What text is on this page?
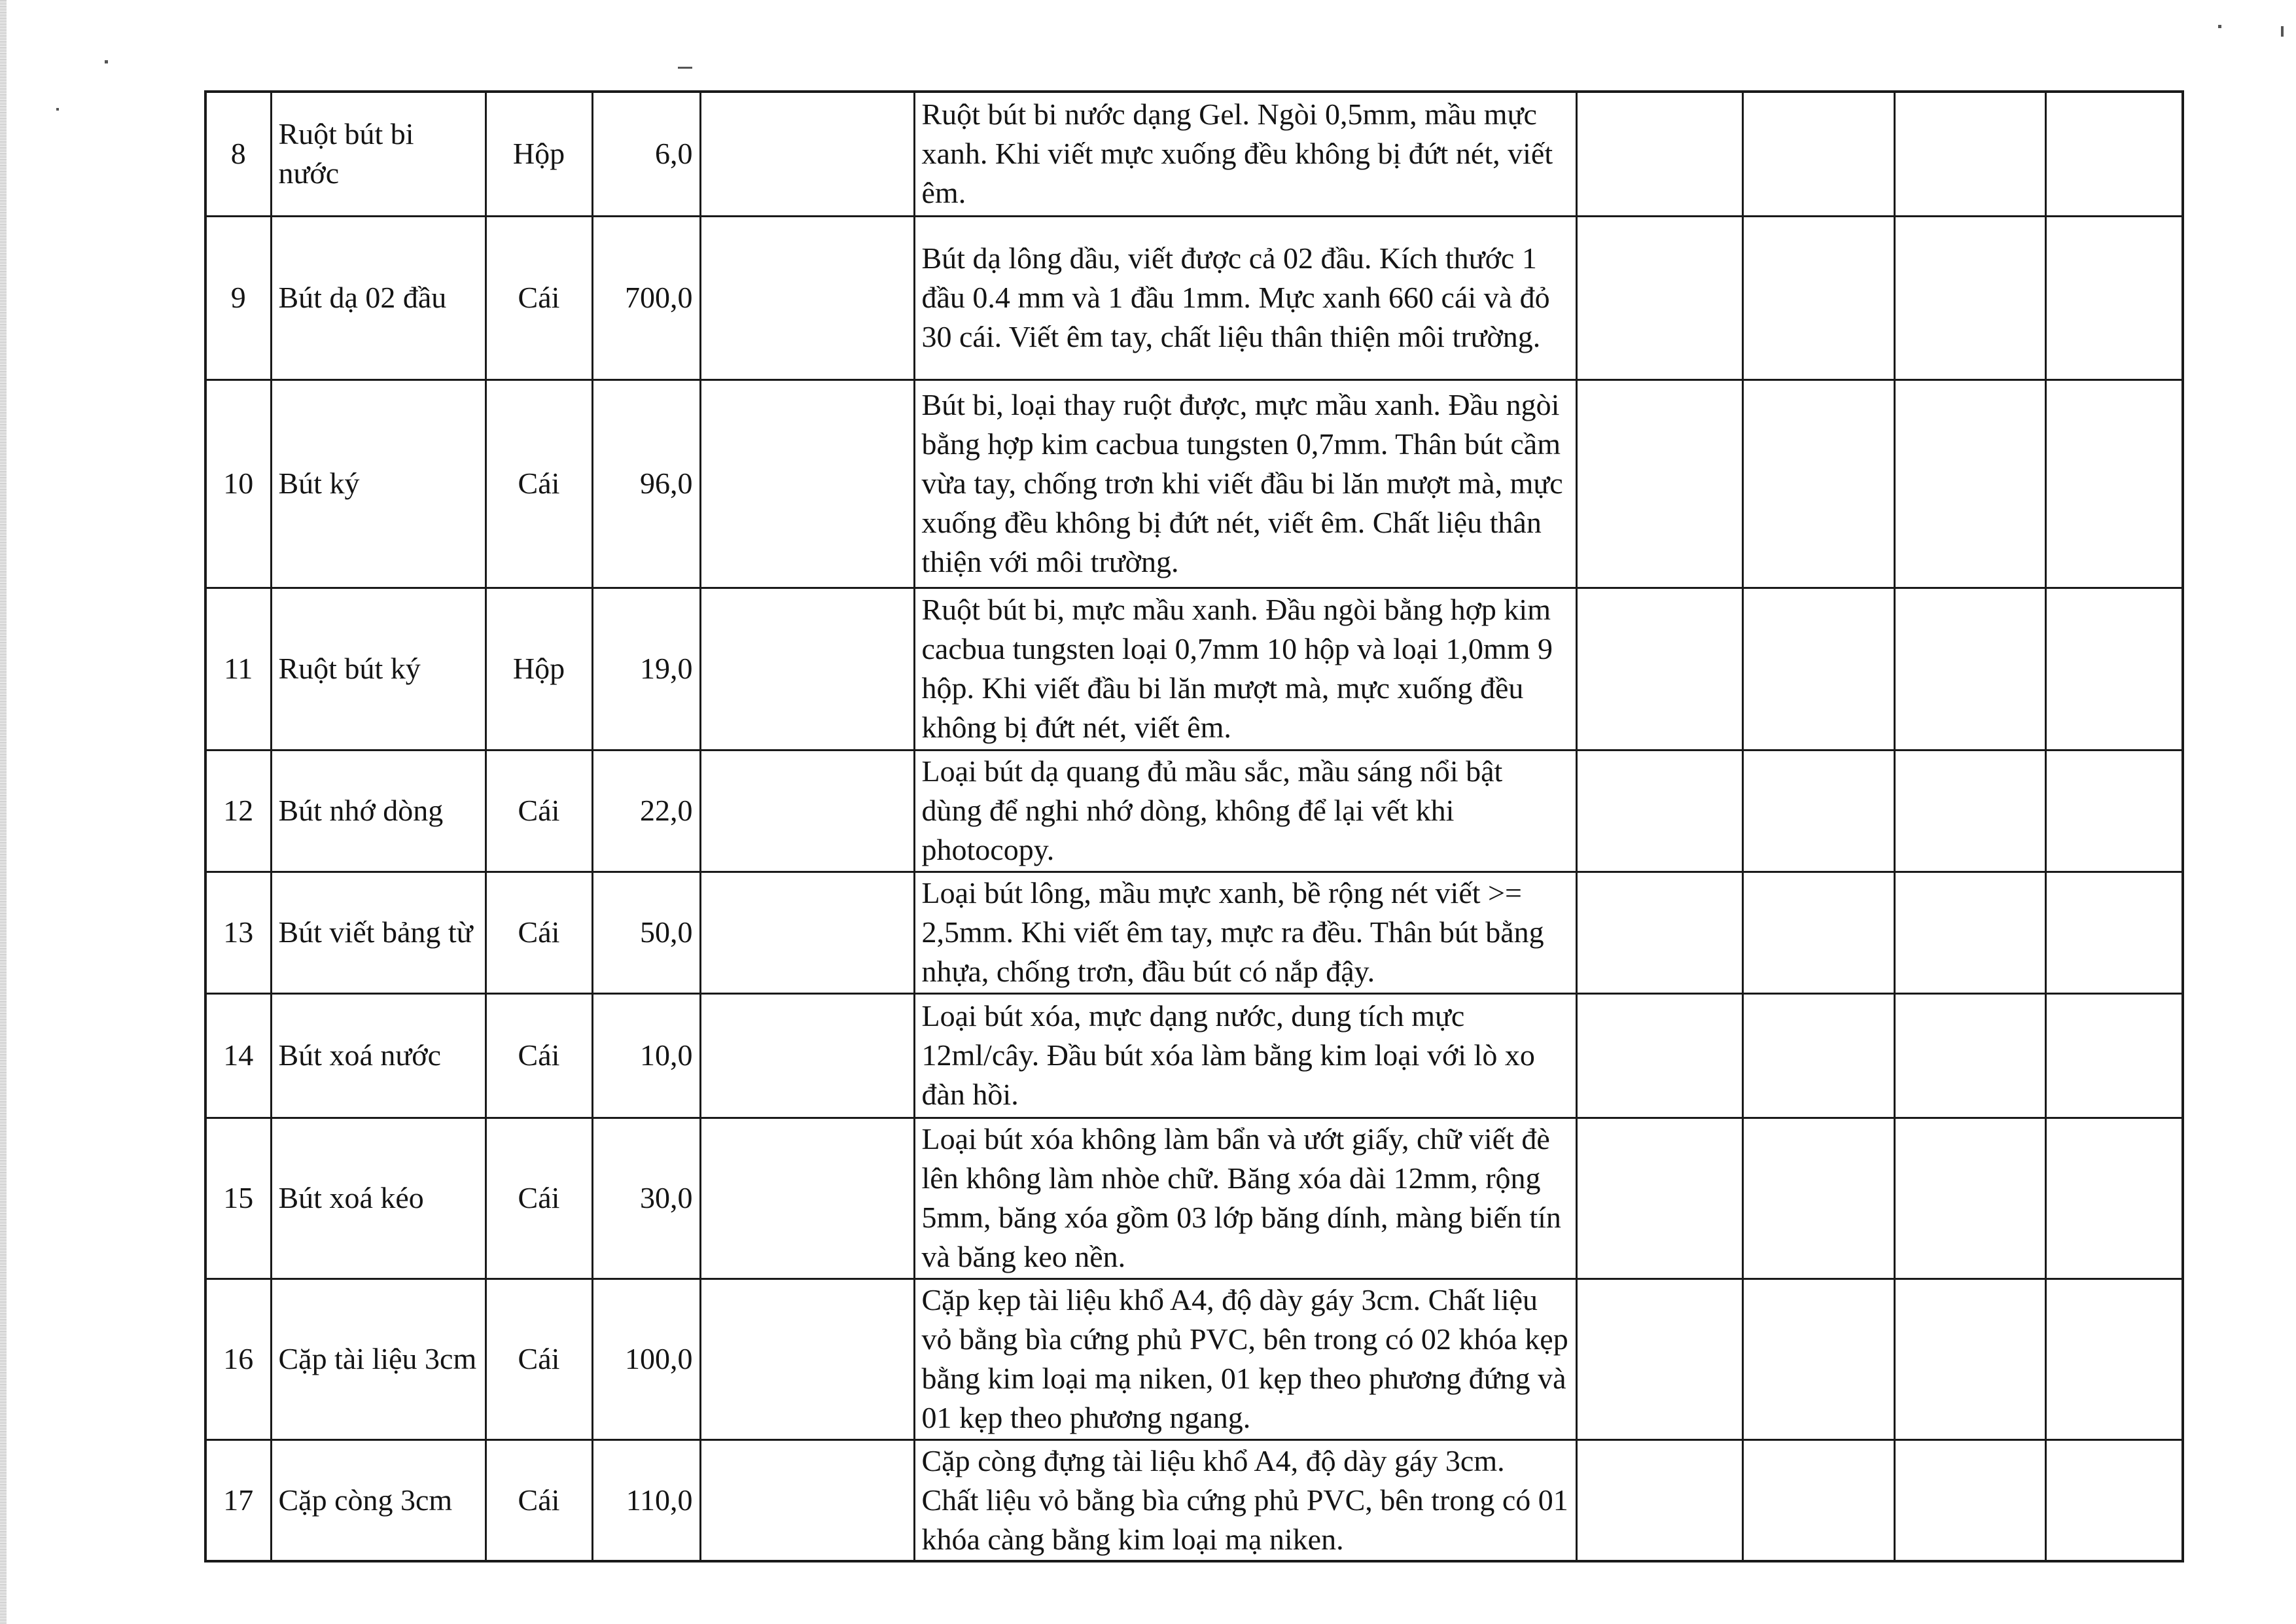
8	Ruột bút bi nước	Hộp	6,0		Ruột bút bi nước dạng Gel. Ngòi 0,5mm, mầu mực xanh. Khi viết mực xuống đều không bị đứt nét, viết êm.				
9	Bút dạ 02 đầu	Cái	700,0		Bút dạ lông dầu, viết được cả 02 đầu. Kích thước 1 đầu 0.4 mm và 1 đầu 1mm. Mực xanh 660 cái và đỏ 30 cái. Viết êm tay, chất liệu thân thiện môi trường.				
10	Bút ký	Cái	96,0		Bút bi, loại thay ruột được, mực mầu xanh. Đầu ngòi bằng hợp kim cacbua tungsten 0,7mm. Thân bút cầm vừa tay, chống trơn khi viết đầu bi lăn mượt mà, mực xuống đều không bị đứt nét, viết êm. Chất liệu thân thiện với môi trường.				
11	Ruột bút ký	Hộp	19,0		Ruột bút bi, mực mầu xanh. Đầu ngòi bằng hợp kim cacbua tungsten loại 0,7mm 10 hộp và loại 1,0mm 9 hộp. Khi viết đầu bi lăn mượt mà, mực xuống đều không bị đứt nét, viết êm.				
12	Bút nhớ dòng	Cái	22,0		Loại bút dạ quang đủ mầu sắc, mầu sáng nổi bật dùng để nghi nhớ dòng, không để lại vết khi photocopy.				
13	Bút viết bảng từ	Cái	50,0		Loại bút lông, mầu mực xanh, bề rộng nét viết >= 2,5mm. Khi viết êm tay, mực ra đều. Thân bút bằng nhựa, chống trơn, đầu bút có nắp đậy.				
14	Bút xoá nước	Cái	10,0		Loại bút xóa, mực dạng nước, dung tích mực 12ml/cây. Đầu bút xóa làm bằng kim loại với lò xo đàn hồi.				
15	Bút xoá kéo	Cái	30,0		Loại bút xóa không làm bẩn và ướt giấy, chữ viết đè lên không làm nhòe chữ. Băng xóa dài 12mm, rộng 5mm, băng xóa gồm 03 lớp băng dính, màng biến tín và băng keo nền.				
16	Cặp tài liệu 3cm	Cái	100,0		Cặp kẹp tài liệu khổ A4, độ dày gáy 3cm. Chất liệu vỏ bằng bìa cứng phủ PVC, bên trong có 02 khóa kẹp bằng kim loại mạ niken, 01 kẹp theo phương đứng và 01 kẹp theo phương ngang.				
17	Cặp còng 3cm	Cái	110,0		Cặp còng đựng tài liệu khổ A4, độ dày gáy 3cm. Chất liệu vỏ bằng bìa cứng phủ PVC, bên trong có 01 khóa càng bằng kim loại mạ niken.				
